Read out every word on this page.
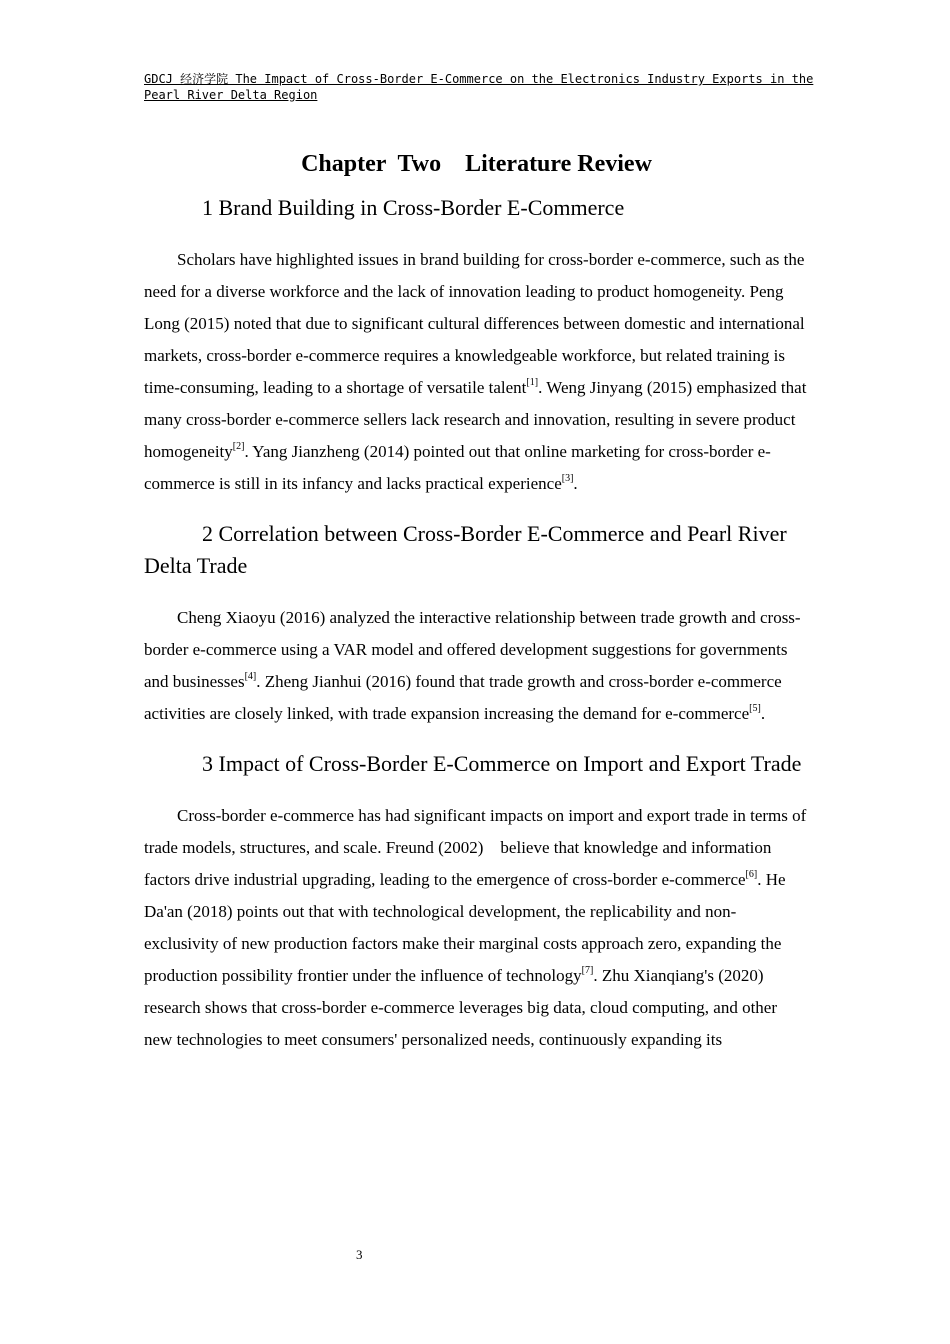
GDCJ 经济学院 The Impact of Cross-Border E-Commerce on the Electronics Industry Exports in the Pearl River Delta Region
Chapter  Two    Literature Review
1 Brand Building in Cross-Border E-Commerce

Scholars have highlighted issues in brand building for cross-border e-commerce, such as the need for a diverse workforce and the lack of innovation leading to product homogeneity. Peng Long (2015) noted that due to significant cultural differences between domestic and international markets, cross-border e-commerce requires a knowledgeable workforce, but related training is time-consuming, leading to a shortage of versatile talent[1]. Weng Jinyang (2015) emphasized that many cross-border e-commerce sellers lack research and innovation, resulting in severe product homogeneity[2]. Yang Jianzheng (2014) pointed out that online marketing for cross-border e-commerce is still in its infancy and lacks practical experience[3].

2 Correlation between Cross-Border E-Commerce and Pearl River Delta Trade

Cheng Xiaoyu (2016) analyzed the interactive relationship between trade growth and cross-border e-commerce using a VAR model and offered development suggestions for governments and businesses[4]. Zheng Jianhui (2016) found that trade growth and cross-border e-commerce activities are closely linked, with trade expansion increasing the demand for e-commerce[5].

3 Impact of Cross-Border E-Commerce on Import and Export Trade

Cross-border e-commerce has had significant impacts on import and export trade in terms of trade models, structures, and scale. Freund (2002)    believe that knowledge and information factors drive industrial upgrading, leading to the emergence of cross-border e-commerce[6]. He Da'an (2018) points out that with technological development, the replicability and non-exclusivity of new production factors make their marginal costs approach zero, expanding the production possibility frontier under the influence of technology[7]. Zhu Xianqiang's (2020) research shows that cross-border e-commerce leverages big data, cloud computing, and other new technologies to meet consumers' personalized needs, continuously expanding its

3
